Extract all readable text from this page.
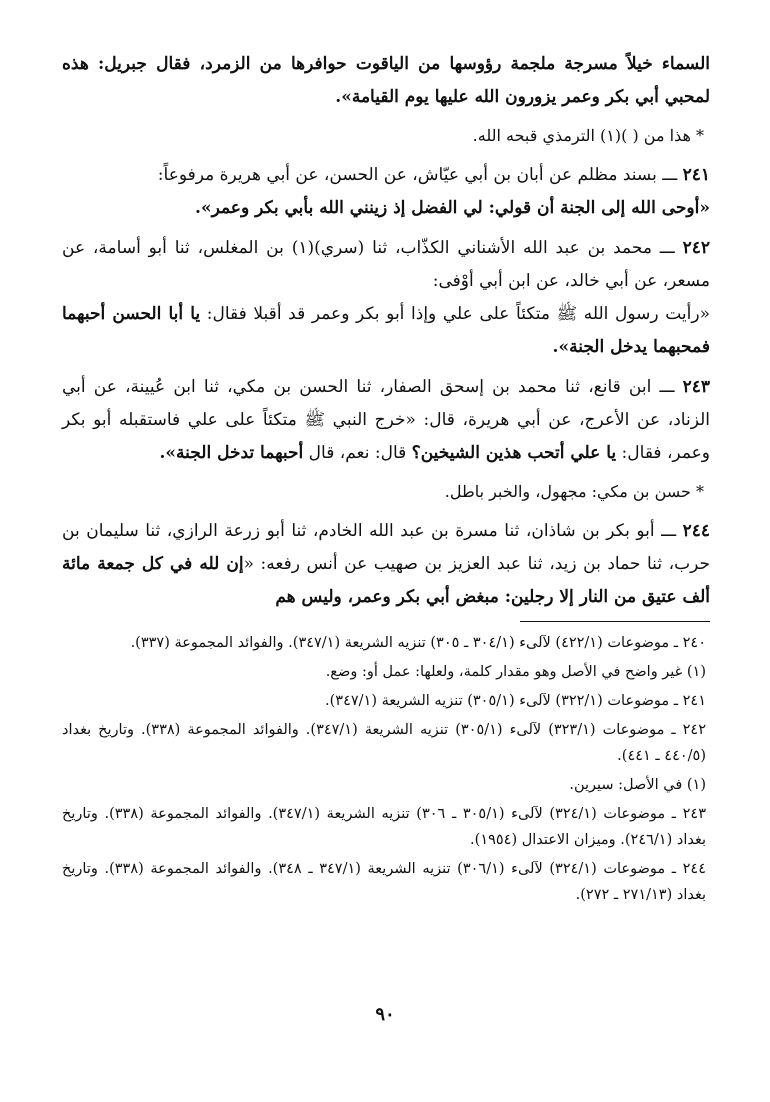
السماء خيلاً مسرجة ملجمة رؤوسها من الياقوت حوافرها من الزمرد، فقال جبريل: هذه لمحبي أبي بكر وعمر يزورون الله عليها يوم القيامة».

* هذا من ( )(١) الترمذي قبحه الله.

٢٤١ ـــ بسند مظلم عن أبان بن أبي عيّاش، عن الحسن، عن أبي هريرة مرفوعاً:
«أوحى الله إلى الجنة أن قولي: لي الفضل إذ زينني الله بأبي بكر وعمر».

٢٤٢ ـــ محمد بن عبد الله الأشناني الكذّاب، ثنا (سري)(١) بن المغلس، ثنا أبو أسامة، عن مسعر، عن أبي خالد، عن ابن أبي أوْفى:
«رأيت رسول الله ﷺ متكئاً على علي وإذا أبو بكر وعمر قد أقبلا فقال: يا أبا الحسن أحبهما فمحبهما يدخل الجنة».

٢٤٣ ـــ ابن قانع، ثنا محمد بن إسحق الصفار، ثنا الحسن بن مكي، ثنا ابن عُيينة، عن أبي الزناد، عن الأعرج، عن أبي هريرة، قال: «خرج النبي ﷺ متكئاً على علي فاستقبله أبو بكر وعمر، فقال: يا علي أتحب هذين الشيخين؟ قال: نعم، قال أحبهما تدخل الجنة».

* حسن بن مكي: مجهول، والخبر باطل.

٢٤٤ ـــ أبو بكر بن شاذان، ثنا مسرة بن عبد الله الخادم، ثنا أبو زرعة الرازي، ثنا سليمان بن حرب، ثنا حماد بن زيد، ثنا عبد العزيز بن صهيب عن أنس رفعه: «إن لله في كل جمعة مائة ألف عتيق من النار إلا رجلين: مبغض أبي بكر وعمر، وليس هم

٢٤٠ ـ موضوعات (٤٢٢/١) لآلىء (٣٠٤/١ ـ ٣٠٥) تنزيه الشريعة (٣٤٧/١). والفوائد المجموعة (٣٣٧).

(١) غير واضح في الأصل وهو مقدار كلمة، ولعلها: عمل أو: وضع.

٢٤١ ـ موضوعات (٣٢٢/١) لآلىء (٣٠٥/١) تنزيه الشريعة (٣٤٧/١).

٢٤٢ ـ موضوعات (٣٢٣/١) لآلىء (٣٠٥/١) تنزيه الشريعة (٣٤٧/١). والفوائد المجموعة (٣٣٨). وتاريخ بغداد (٤٤٠/٥ ـ ٤٤١).

(١) في الأصل: سيرين.

٢٤٣ ـ موضوعات (٣٢٤/١) لآلىء (٣٠٥/١ ـ ٣٠٦) تنزيه الشريعة (٣٤٧/١). والفوائد المجموعة (٣٣٨). وتاريخ بغداد (٢٤٦/١). وميزان الاعتدال (١٩٥٤).

٢٤٤ ـ موضوعات (٣٢٤/١) لآلىء (٣٠٦/١) تنزيه الشريعة (٣٤٧/١ ـ ٣٤٨). والفوائد المجموعة (٣٣٨). وتاريخ بغداد (٢٧١/١٣ ـ ٢٧٢).

٩٠
